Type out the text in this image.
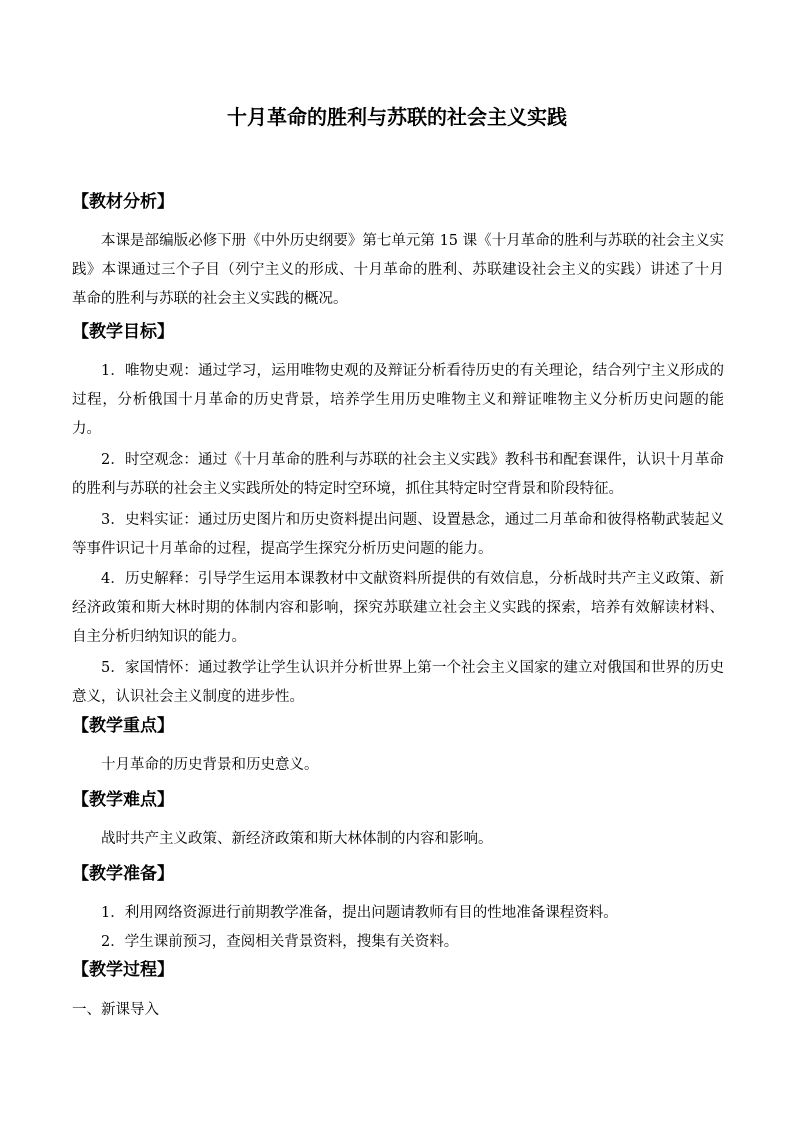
十月革命的胜利与苏联的社会主义实践
【教材分析】
本课是部编版必修下册《中外历史纲要》第七单元第 15 课《十月革命的胜利与苏联的社会主义实践》本课通过三个子目（列宁主义的形成、十月革命的胜利、苏联建设社会主义的实践）讲述了十月革命的胜利与苏联的社会主义实践的概况。
【教学目标】
1．唯物史观：通过学习，运用唯物史观的及辩证分析看待历史的有关理论，结合列宁主义形成的过程，分析俄国十月革命的历史背景，培养学生用历史唯物主义和辩证唯物主义分析历史问题的能力。
2．时空观念：通过《十月革命的胜利与苏联的社会主义实践》教科书和配套课件，认识十月革命的胜利与苏联的社会主义实践所处的特定时空环境，抓住其特定时空背景和阶段特征。
3．史料实证：通过历史图片和历史资料提出问题、设置悬念，通过二月革命和彼得格勒武装起义等事件识记十月革命的过程，提高学生探究分析历史问题的能力。
4．历史解释：引导学生运用本课教材中文献资料所提供的有效信息，分析战时共产主义政策、新经济政策和斯大林时期的体制内容和影响，探究苏联建立社会主义实践的探索，培养有效解读材料、自主分析归纳知识的能力。
5．家国情怀：通过教学让学生认识并分析世界上第一个社会主义国家的建立对俄国和世界的历史意义，认识社会主义制度的进步性。
【教学重点】
十月革命的历史背景和历史意义。
【教学难点】
战时共产主义政策、新经济政策和斯大林体制的内容和影响。
【教学准备】
1．利用网络资源进行前期教学准备，提出问题请教师有目的性地准备课程资料。
2．学生课前预习，查阅相关背景资料，搜集有关资料。
【教学过程】
一、新课导入
